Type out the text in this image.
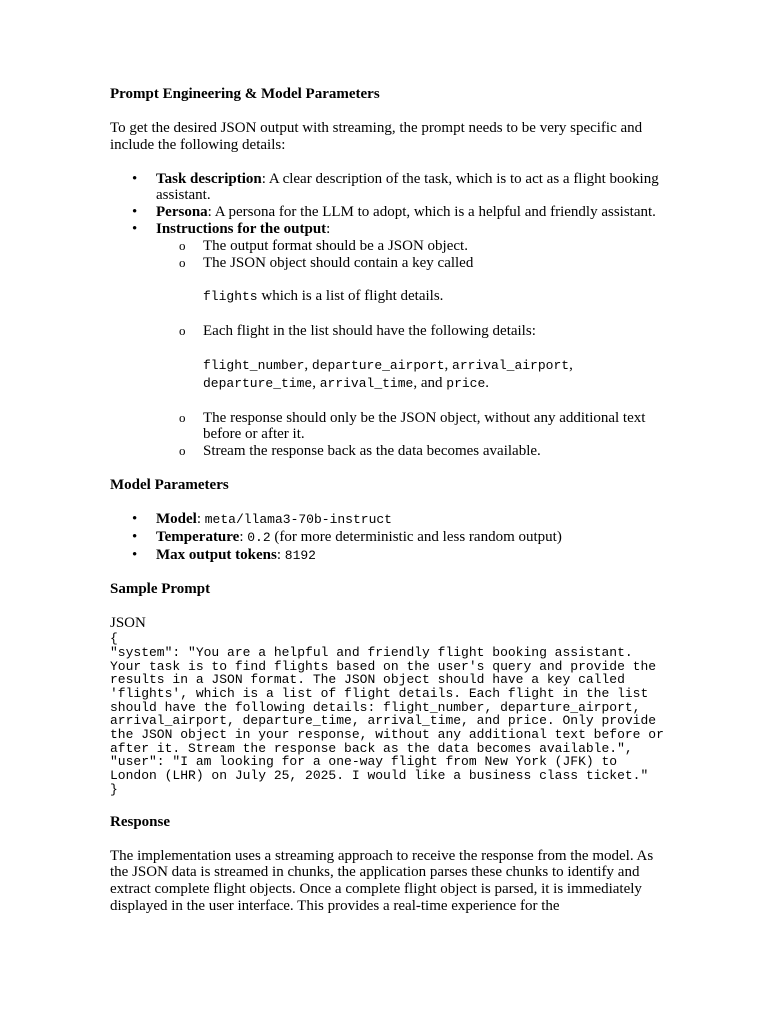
Prompt Engineering & Model Parameters

To get the desired JSON output with streaming, the prompt needs to be very specific and include the following details:

• Task description: A clear description of the task, which is to act as a flight booking assistant.
• Persona: A persona for the LLM to adopt, which is a helpful and friendly assistant.
• Instructions for the output:
o The output format should be a JSON object.
o The JSON object should contain a key called
flights which is a list of flight details.
o Each flight in the list should have the following details:
flight_number, departure_airport, arrival_airport, departure_time, arrival_time, and price.
o The response should only be the JSON object, without any additional text before or after it.
o Stream the response back as the data becomes available.
Model Parameters
• Model: meta/llama3-70b-instruct
• Temperature: 0.2 (for more deterministic and less random output)
• Max output tokens: 8192
Sample Prompt

JSON

{
"system": "You are a helpful and friendly flight booking assistant. Your task is to find flights based on the user's query and provide the results in a JSON format. The JSON object should have a key called 'flights', which is a list of flight details. Each flight in the list should have the following details: flight_number, departure_airport, arrival_airport, departure_time, arrival_time, and price. Only provide the JSON object in your response, without any additional text before or after it. Stream the response back as the data becomes available.",
"user": "I am looking for a one-way flight from New York (JFK) to London (LHR) on July 25, 2025. I would like a business class ticket."
}
Response

The implementation uses a streaming approach to receive the response from the model. As the JSON data is streamed in chunks, the application parses these chunks to identify and extract complete flight objects. Once a complete flight object is parsed, it is immediately displayed in the user interface. This provides a real-time experience for the
